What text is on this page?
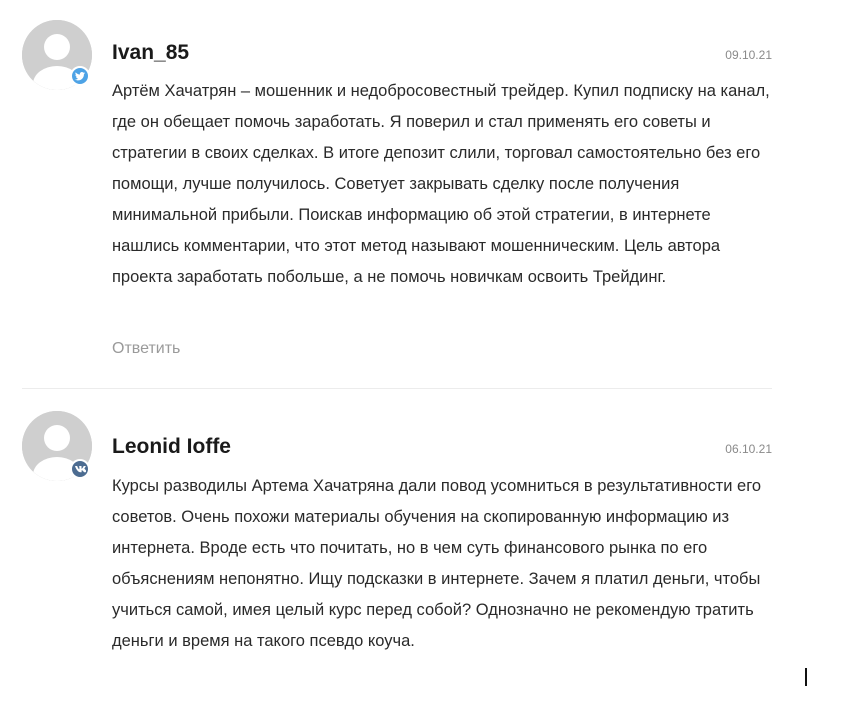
Ivan_85	09.10.21

Артём Хачатрян – мошенник и недобросовестный трейдер. Купил подписку на канал, где он обещает помочь заработать. Я поверил и стал применять его советы и стратегии в своих сделках. В итоге депозит слили, торговал самостоятельно без его помощи, лучше получилось. Советует закрывать сделку после получения минимальной прибыли. Поискав информацию об этой стратегии, в интернете нашлись комментарии, что этот метод называют мошенническим. Цель автора проекта заработать побольше, а не помочь новичкам освоить Трейдинг.

Ответить
Leonid Ioffe	06.10.21

Курсы разводилы Артема Хачатряна дали повод усомниться в результативности его советов. Очень похожи материалы обучения на скопированную информацию из интернета. Вроде есть что почитать, но в чем суть финансового рынка по его объяснениям непонятно. Ищу подсказки в интернете. Зачем я платил деньги, чтобы учиться самой, имея целый курс перед собой? Однозначно не рекомендую тратить деньги и время на такого псевдо коуча.
